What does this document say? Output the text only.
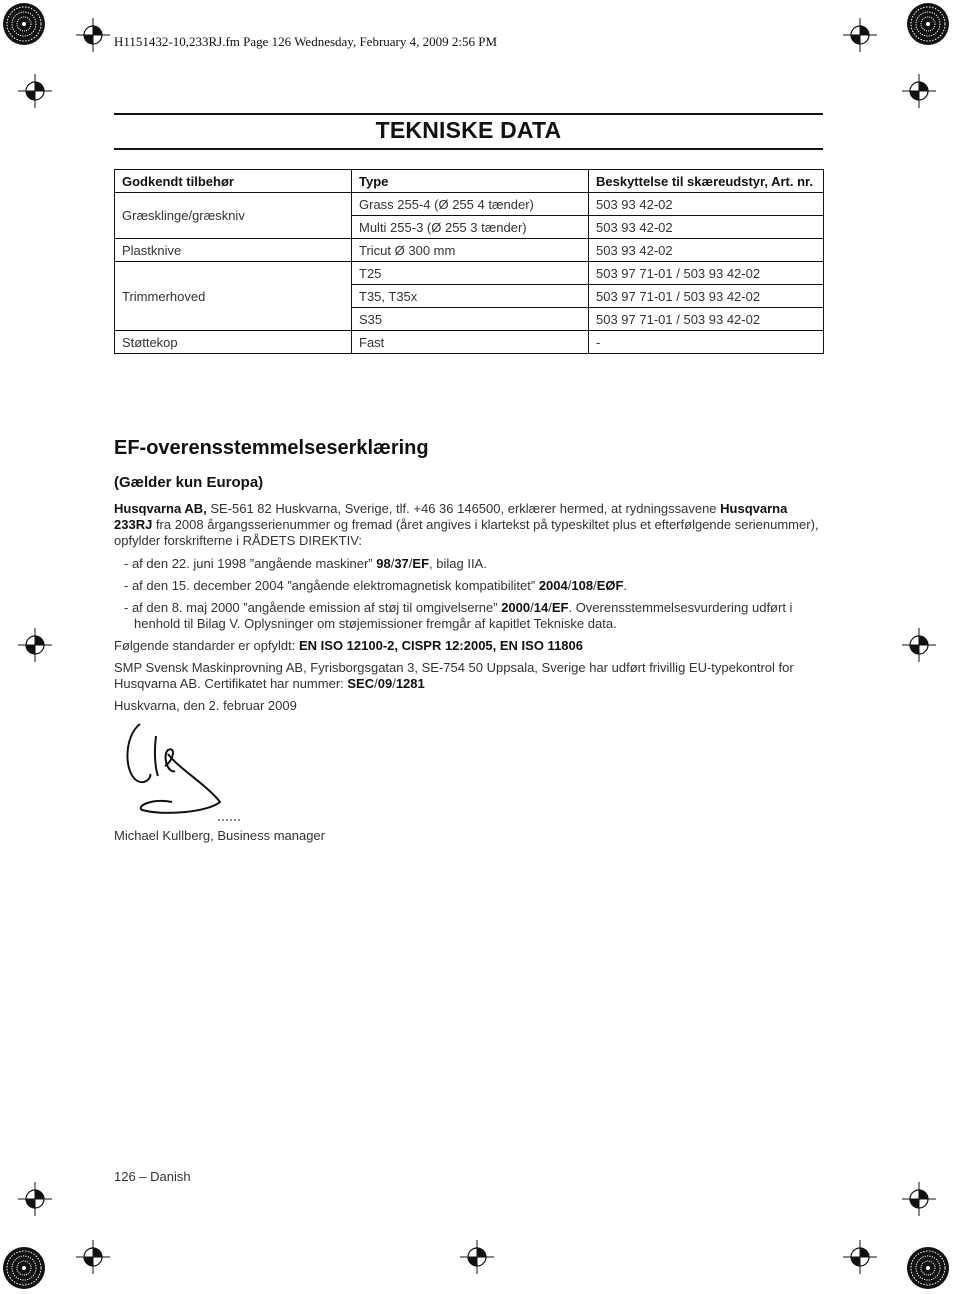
H1151432-10,233RJ.fm Page 126 Wednesday, February 4, 2009 2:56 PM
TEKNISKE DATA
Godkendt tilbehør	Type	Beskyttelse til skæreudstyr, Art. nr.
Græsklinge/græskniv	Grass 255-4 (Ø 255 4 tænder)	503 93 42-02
	Multi 255-3 (Ø 255 3 tænder)	503 93 42-02
Plastknive	Tricut Ø 300 mm	503 93 42-02
Trimmerhoved	T25	503 97 71-01 / 503 93 42-02
	T35, T35x	503 97 71-01 / 503 93 42-02
	S35	503 97 71-01 / 503 93 42-02
Støttekop	Fast	-
EF-overensstemmelseserklæring
(Gælder kun Europa)
Husqvarna AB, SE-561 82 Huskvarna, Sverige, tlf. +46 36 146500, erklærer hermed, at rydningssavene Husqvarna 233RJ fra 2008 årgangsserienummer og fremad (året angives i klartekst på typeskiltet plus et efterfølgende serienummer), opfylder forskrifterne i RÅDETS DIREKTIV:
- af den 22. juni 1998 ”angående maskiner” 98/37/EF, bilag IIA.
- af den 15. december 2004 ”angående elektromagnetisk kompatibilitet” 2004/108/EØF.
- af den 8. maj 2000 ”angående emission af støj til omgivelserne” 2000/14/EF. Overensstemmelsesvurdering udført i henhold til Bilag V. Oplysninger om støjemissioner fremgår af kapitlet Tekniske data.
Følgende standarder er opfyldt: EN ISO 12100-2, CISPR 12:2005, EN ISO 11806
SMP Svensk Maskinprovning AB, Fyrisborgsgatan 3, SE-754 50 Uppsala, Sverige har udført frivillig EU-typekontrol for Husqvarna AB. Certifikatet har nummer: SEC/09/1281
Huskvarna, den 2. februar 2009
Michael Kullberg, Business manager
126 – Danish
